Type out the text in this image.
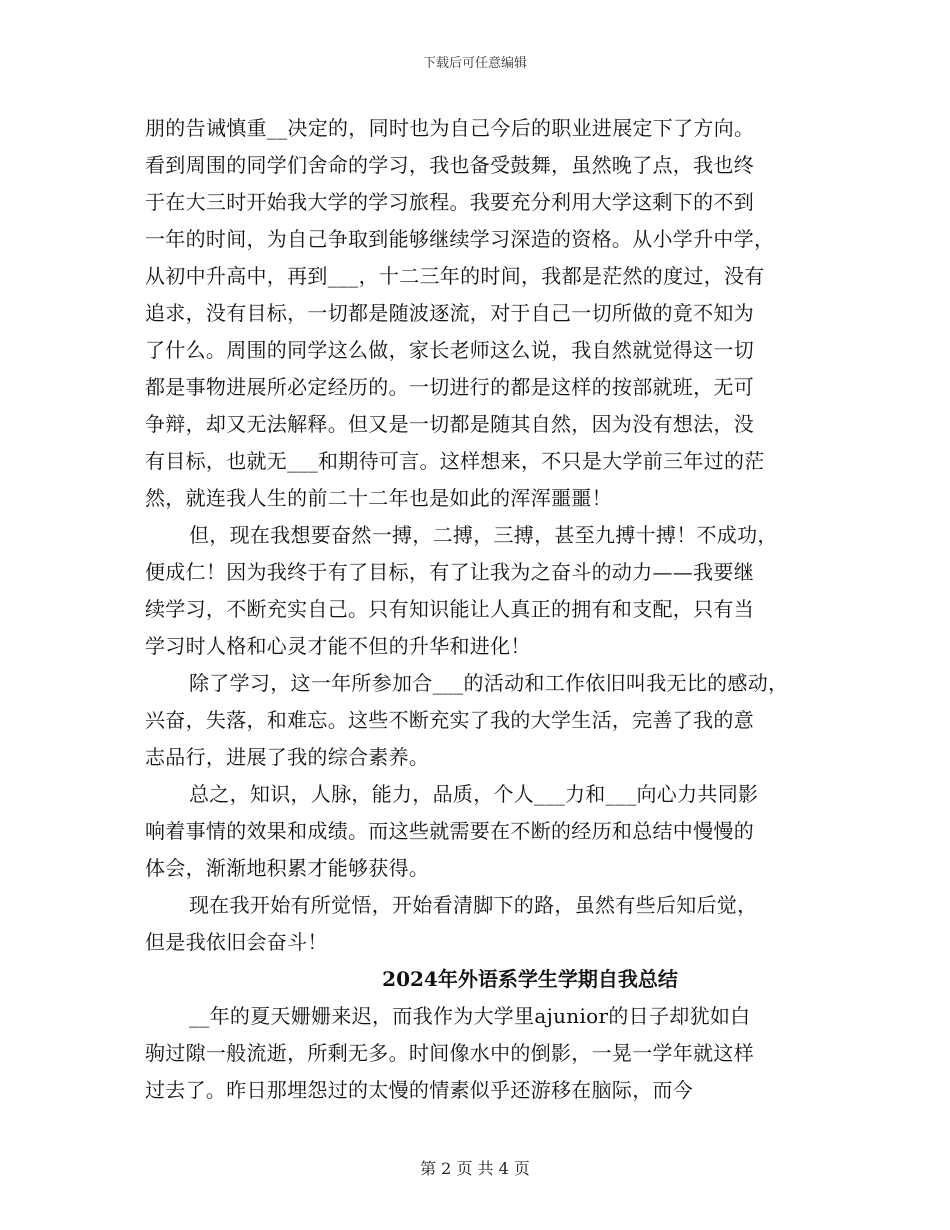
下载后可任意编辑
朋的告诫慎重__决定的，同时也为自己今后的职业进展定下了方向。
看到周围的同学们舍命的学习，我也备受鼓舞，虽然晚了点，我也终
于在大三时开始我大学的学习旅程。我要充分利用大学这剩下的不到
一年的时间，为自己争取到能够继续学习深造的资格。从小学升中学，
从初中升高中，再到___，十二三年的时间，我都是茫然的度过，没有
追求，没有目标，一切都是随波逐流，对于自己一切所做的竟不知为
了什么。周围的同学这么做，家长老师这么说，我自然就觉得这一切
都是事物进展所必定经历的。一切进行的都是这样的按部就班，无可
争辩，却又无法解释。但又是一切都是随其自然，因为没有想法，没
有目标，也就无___和期待可言。这样想来，不只是大学前三年过的茫
然，就连我人生的前二十二年也是如此的浑浑噩噩！
但，现在我想要奋然一搏，二搏，三搏，甚至九搏十搏！不成功，
便成仁！因为我终于有了目标，有了让我为之奋斗的动力——我要继
续学习，不断充实自己。只有知识能让人真正的拥有和支配，只有当
学习时人格和心灵才能不但的升华和进化！
除了学习，这一年所参加合___的活动和工作依旧叫我无比的感动，
兴奋，失落，和难忘。这些不断充实了我的大学生活，完善了我的意
志品行，进展了我的综合素养。
总之，知识，人脉，能力，品质，个人___力和___向心力共同影
响着事情的效果和成绩。而这些就需要在不断的经历和总结中慢慢的
体会，渐渐地积累才能够获得。
现在我开始有所觉悟，开始看清脚下的路，虽然有些后知后觉，
但是我依旧会奋斗！
2024年外语系学生学期自我总结
__年的夏天姗姗来迟，而我作为大学里ajunior的日子却犹如白
驹过隙一般流逝，所剩无多。时间像水中的倒影，一晃一学年就这样
过去了。昨日那埋怨过的太慢的情素似乎还游移在脑际，而今
第 2 页 共 4 页
